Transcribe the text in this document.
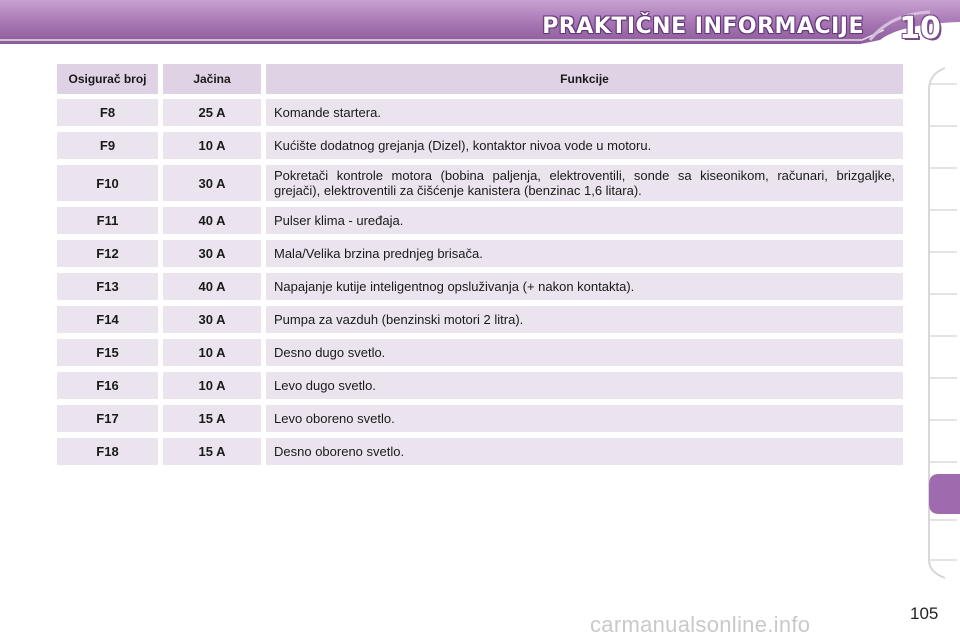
PRAKTIČNE INFORMACIJE 10
Osigurač broj	Jačina	Funkcije
F8	25 A	Komande startera.
F9	10 A	Kućište dodatnog grejanja (Dizel), kontaktor nivoa vode u motoru.
F10	30 A	Pokretači kontrole motora (bobina paljenja, elektroventili, sonde sa kiseonikom, računari, brizgaljke, grejači), elektroventili za čišćenje kanistera (benzinac 1,6 litara).
F11	40 A	Pulser klima - uređaja.
F12	30 A	Mala/Velika brzina prednjeg brisača.
F13	40 A	Napajanje kutije inteligentnog opsluživanja (+ nakon kontakta).
F14	30 A	Pumpa za vazduh (benzinski motori 2 litra).
F15	10 A	Desno dugo svetlo.
F16	10 A	Levo dugo svetlo.
F17	15 A	Levo oboreno svetlo.
F18	15 A	Desno oboreno svetlo.
105
carmanualsonline.info
